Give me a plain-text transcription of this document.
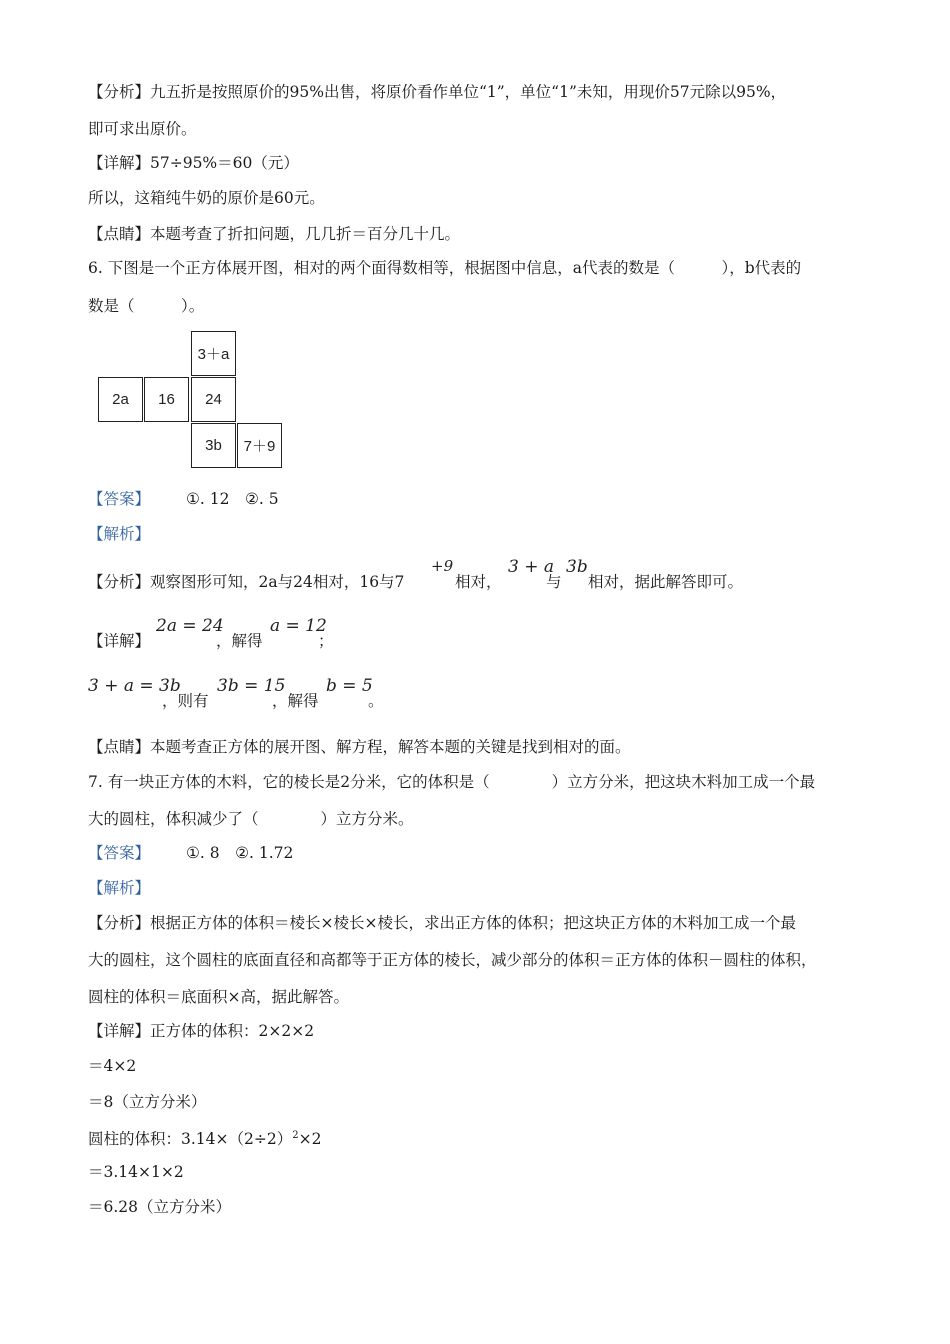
【分析】九五折是按照原价的95%出售，将原价看作单位“1”，单位“1”未知，用现价57元除以95%，
即可求出原价。
【详解】57÷95%＝60（元）
所以，这箱纯牛奶的原价是60元。
【点睛】本题考查了折扣问题，几几折＝百分几十几。
6. 下图是一个正方体展开图，相对的两个面得数相等，根据图中信息，a代表的数是（　　　），b代表的
数是（　　　）。
3＋a
2a	16	24
3b	7＋9
【答案】 ①. 12　②. 5
【解析】
【分析】观察图形可知，2a与24相对，16与7
+9
相对，
3 + a
与
3b
相对，据此解答即可。
【详解】
2a = 24
，解得
a = 12
；
3 + a = 3b
，则有
3b = 15
，解得
b = 5
。
【点睛】本题考查正方体的展开图、解方程，解答本题的关键是找到相对的面。
7. 有一块正方体的木料，它的棱长是2分米，它的体积是（　　　　）立方分米，把这块木料加工成一个最
大的圆柱，体积减少了（　　　　）立方分米。
【答案】 ①. 8　②. 1.72
【解析】
【分析】根据正方体的体积＝棱长×棱长×棱长，求出正方体的体积；把这块正方体的木料加工成一个最
大的圆柱，这个圆柱的底面直径和高都等于正方体的棱长，减少部分的体积＝正方体的体积－圆柱的体积，
圆柱的体积＝底面积×高，据此解答。
【详解】正方体的体积：2×2×2
＝4×2
＝8（立方分米）
圆柱的体积：$3.14\times(2\div 2)^2\times 2$
＝3.14×1×2
＝6.28（立方分米）
